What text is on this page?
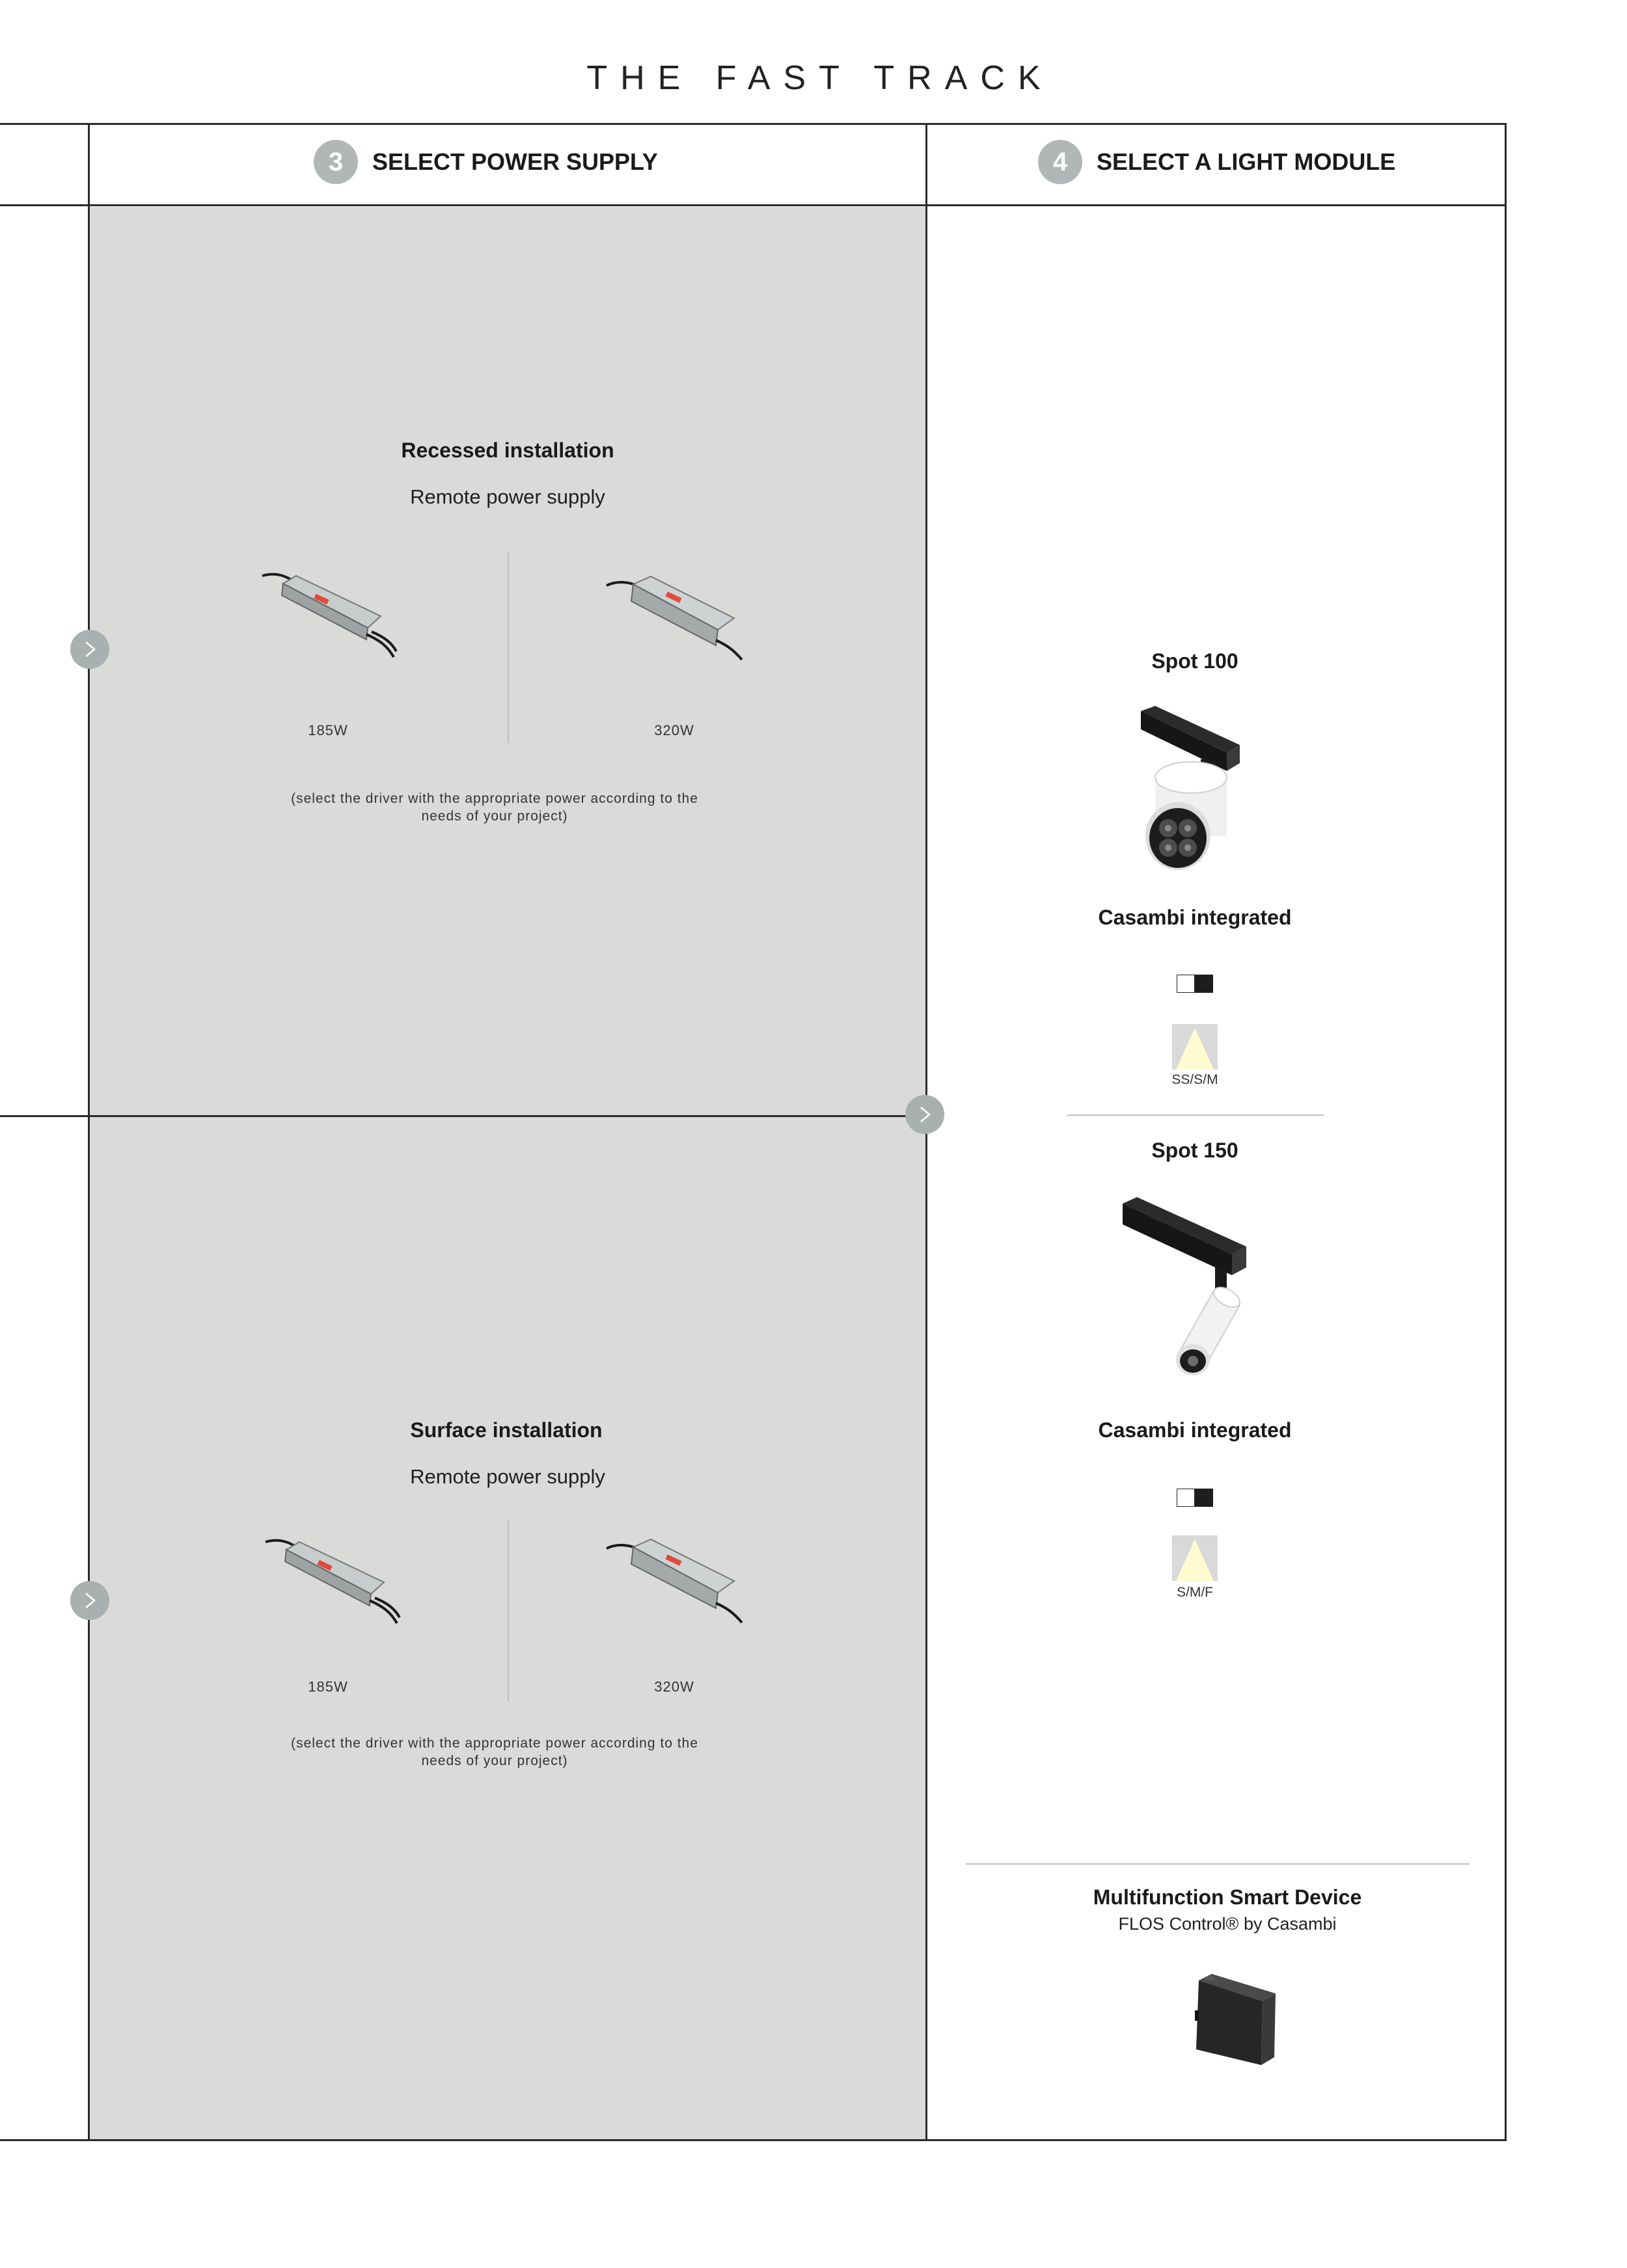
THE FAST TRACK
3	SELECT POWER SUPPLY	4	SELECT A LIGHT MODULE
Recessed installation
Remote power supply
185W	320W
(select the driver with the appropriate power according to the
needs of your project)
Surface installation
Remote power supply
185W	320W
(select the driver with the appropriate power according to the
needs of your project)
Spot 100
Casambi integrated
SS/S/M
Spot 150
Casambi integrated
S/M/F
Multifunction Smart Device
FLOS Control® by Casambi
